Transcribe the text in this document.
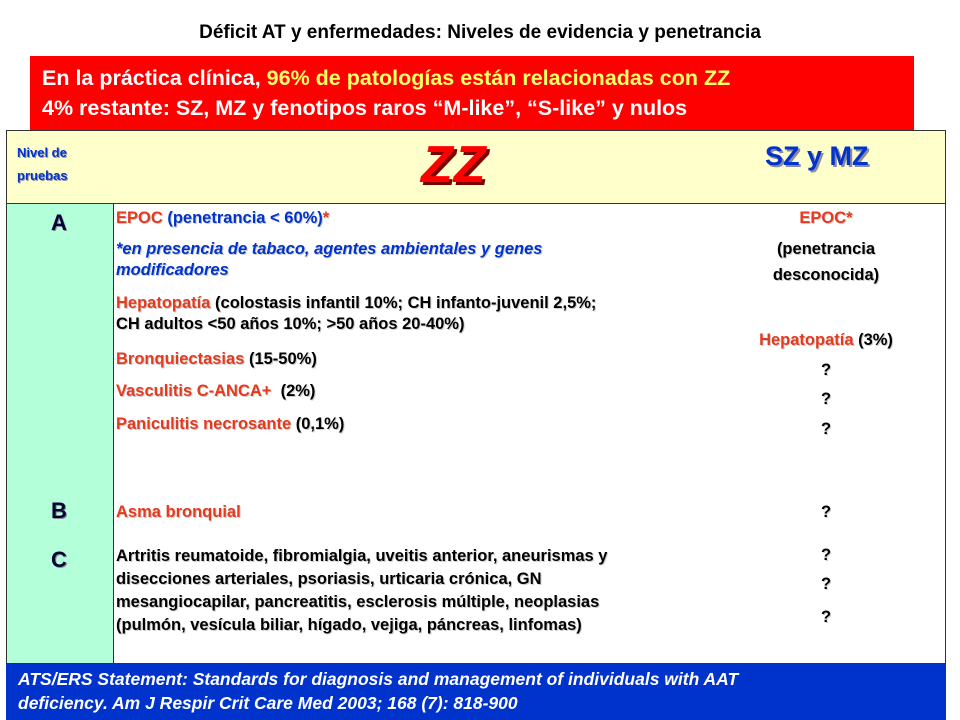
Déficit AT y enfermedades: Niveles de evidencia y penetrancia
En la práctica clínica, 96% de patologías están relacionadas con ZZ
4% restante: SZ, MZ y fenotipos raros “M-like”, “S-like” y nulos
Nivel de
pruebas	ZZ	SZ y MZ
A
B
C
EPOC (penetrancia < 60%)*
*en presencia de tabaco, agentes ambientales y genes
modificadores
Hepatopatía (colostasis infantil 10%; CH infanto-juvenil 2,5%;
CH adultos <50 años 10%; >50 años 20-40%)
Bronquiectasias (15-50%)
Vasculitis C-ANCA+  (2%)
Paniculitis necrosante (0,1%)
Asma bronquial
Artritis reumatoide, fibromialgia, uveitis anterior, aneurismas y
disecciones arteriales, psoriasis, urticaria crónica, GN
mesangiocapilar, pancreatitis, esclerosis múltiple, neoplasias
(pulmón, vesícula biliar, hígado, vejiga, páncreas, linfomas)
EPOC*
(penetrancia
desconocida)
Hepatopatía (3%)
?
?
?
?
?
?
?
ATS/ERS Statement: Standards for diagnosis and management of individuals with AAT
deficiency. Am J Respir Crit Care Med 2003; 168 (7): 818-900
